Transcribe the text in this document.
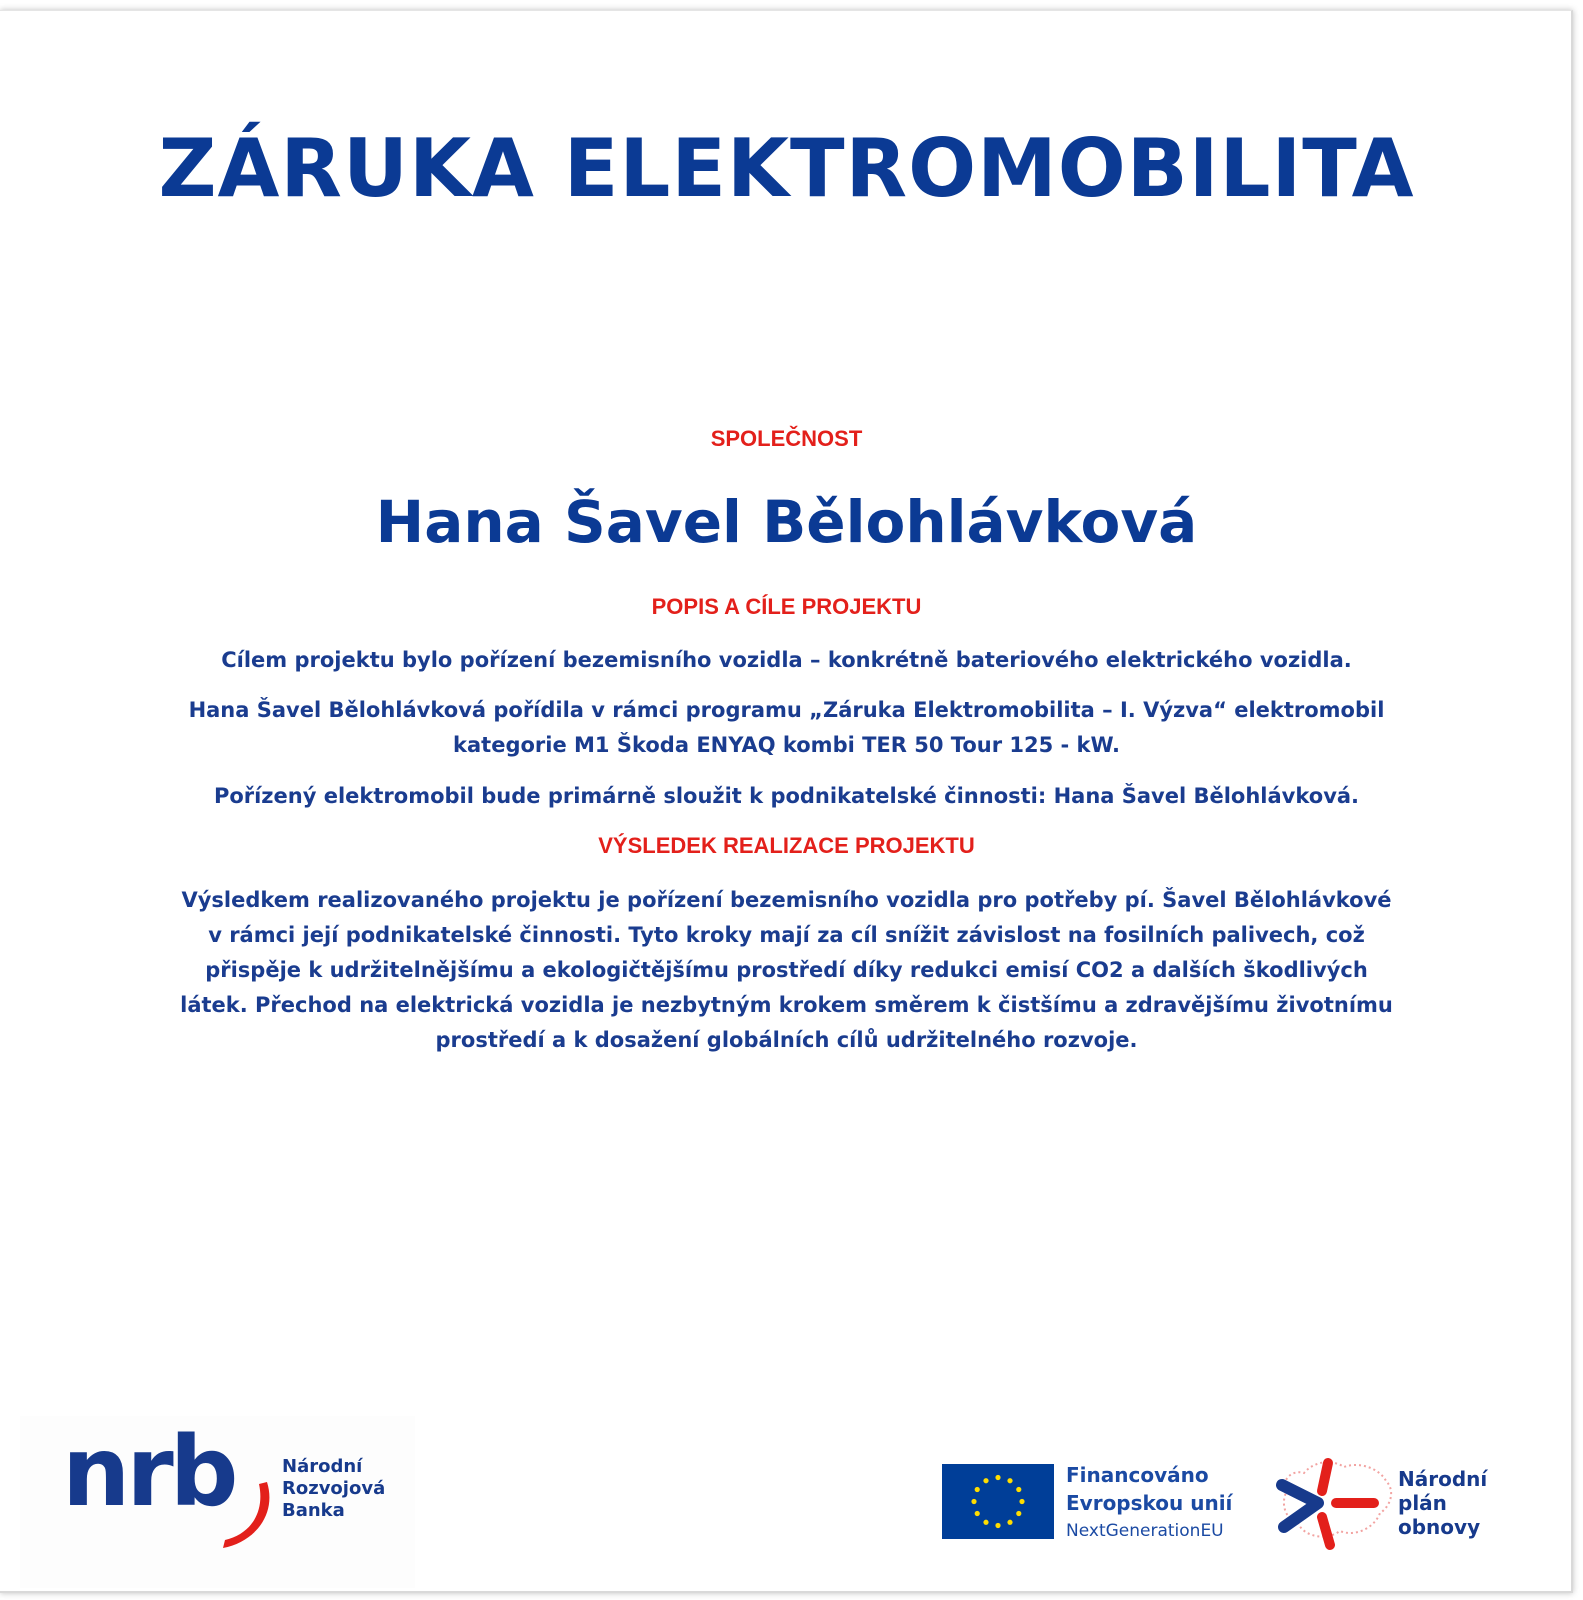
ZÁRUKA ELEKTROMOBILITA
SPOLEČNOST
Hana Šavel Bělohlávková
POPIS A CÍLE PROJEKTU
Cílem projektu bylo pořízení bezemisního vozidla – konkrétně bateriového elektrického vozidla.
Hana Šavel Bělohlávková pořídila v rámci programu „Záruka Elektromobilita – I. Výzva“ elektromobil kategorie M1 Škoda ENYAQ kombi TER 50 Tour 125 - kW.
Pořízený elektromobil bude primárně sloužit k podnikatelské činnosti: Hana Šavel Bělohlávková.
VÝSLEDEK REALIZACE PROJEKTU
Výsledkem realizovaného projektu je pořízení bezemisního vozidla pro potřeby pí. Šavel Bělohlávkové v rámci její podnikatelské činnosti. Tyto kroky mají za cíl snížit závislost na fosilních palivech, což přispěje k udržitelnějšímu a ekologičtějšímu prostředí díky redukci emisí CO2 a dalších škodlivých látek. Přechod na elektrická vozidla je nezbytným krokem směrem k čistšímu a zdravějšímu životnímu prostředí a k dosažení globálních cílů udržitelného rozvoje.
nrb	Národní
Rozvojová
Banka
Financováno
Evropskou unií
NextGenerationEU
Národní
plán
obnovy
